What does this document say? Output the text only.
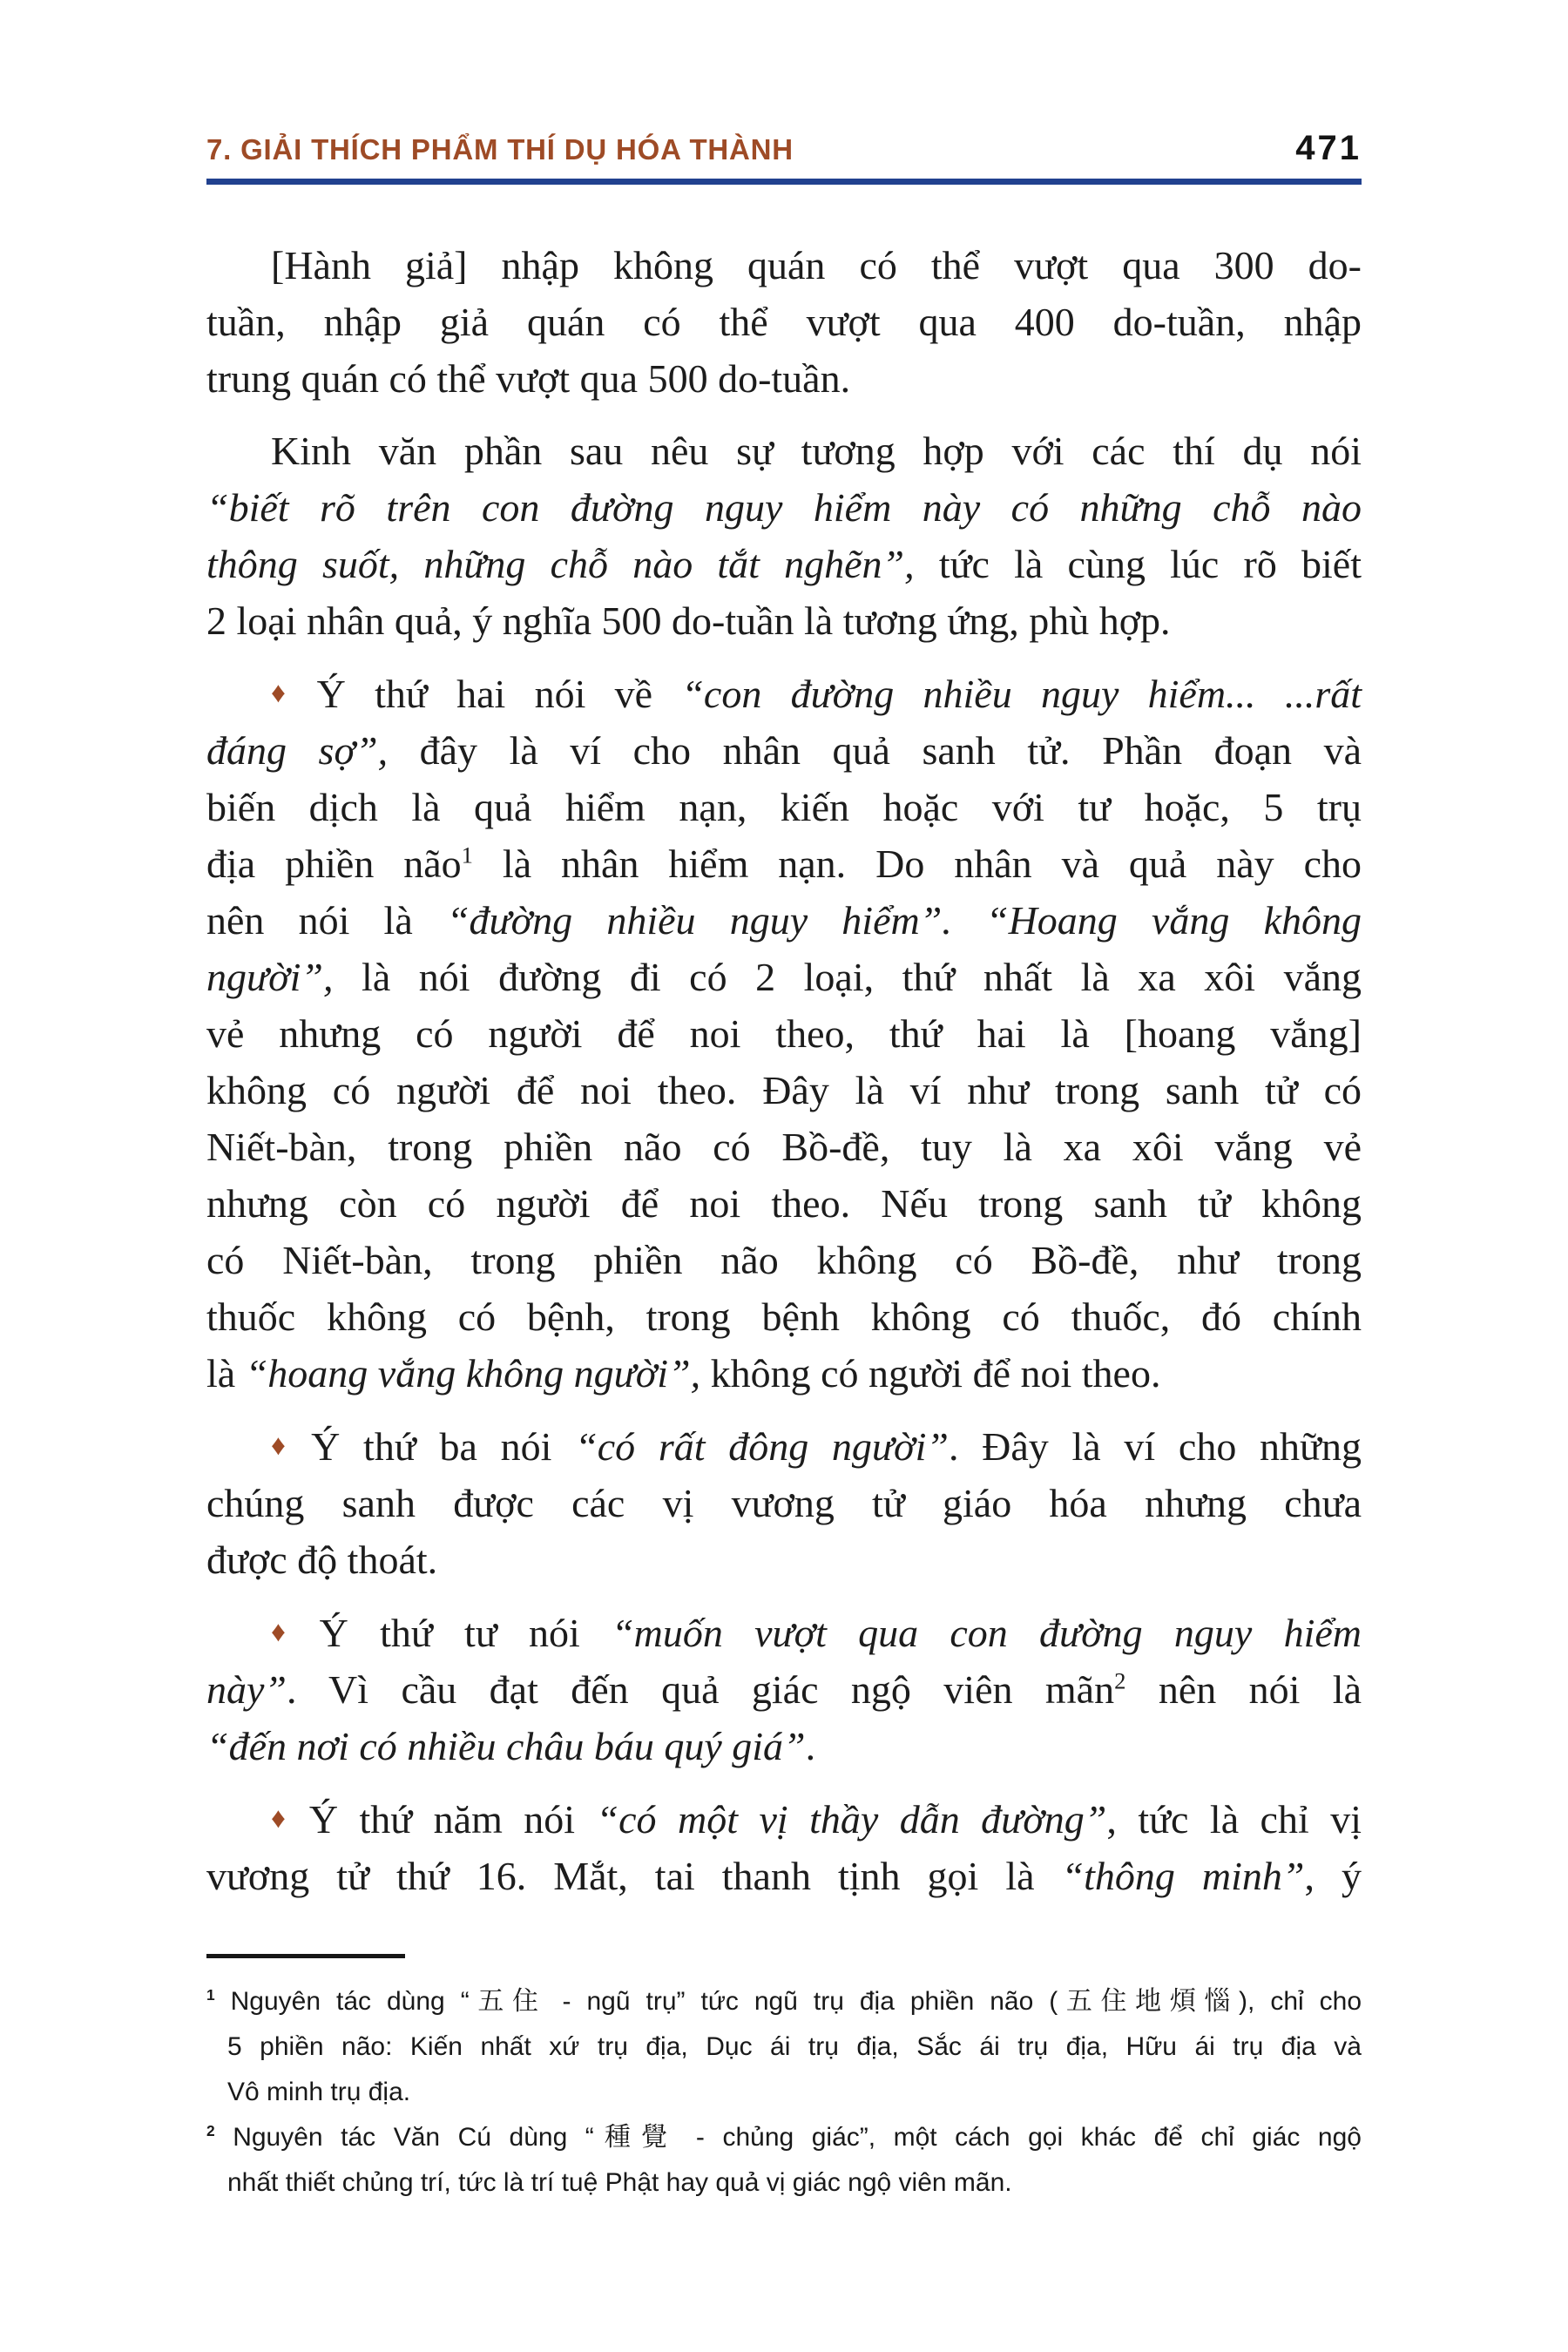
7. GIẢI THÍCH PHẨM THÍ DỤ HÓA THÀNH	471
[Hành giả] nhập không quán có thể vượt qua 300 do-
tuần, nhập giả quán có thể vượt qua 400 do-tuần, nhập
trung quán có thể vượt qua 500 do-tuần.
Kinh văn phần sau nêu sự tương hợp với các thí dụ nói
“biết rõ trên con đường nguy hiểm này có những chỗ nào
thông suốt, những chỗ nào tắt nghẽn”, tức là cùng lúc rõ biết
2 loại nhân quả, ý nghĩa 500 do-tuần là tương ứng, phù hợp.
♦ Ý thứ hai nói về “con đường nhiều nguy hiểm... ...rất
đáng sợ”, đây là ví cho nhân quả sanh tử. Phần đoạn và
biến dịch là quả hiểm nạn, kiến hoặc với tư hoặc, 5 trụ
địa phiền não$^1$ là nhân hiểm nạn. Do nhân và quả này cho
nên nói là “đường nhiều nguy hiểm”. “Hoang vắng không
người”, là nói đường đi có 2 loại, thứ nhất là xa xôi vắng
vẻ nhưng có người để noi theo, thứ hai là [hoang vắng]
không có người để noi theo. Đây là ví như trong sanh tử có
Niết-bàn, trong phiền não có Bồ-đề, tuy là xa xôi vắng vẻ
nhưng còn có người để noi theo. Nếu trong sanh tử không
có Niết-bàn, trong phiền não không có Bồ-đề, như trong
thuốc không có bệnh, trong bệnh không có thuốc, đó chính
là “hoang vắng không người”, không có người để noi theo.
♦ Ý thứ ba nói “có rất đông người”. Đây là ví cho những
chúng sanh được các vị vương tử giáo hóa nhưng chưa
được độ thoát.
♦ Ý thứ tư nói “muốn vượt qua con đường nguy hiểm
này”. Vì cầu đạt đến quả giác ngộ viên mãn$^2$ nên nói là
“đến nơi có nhiều châu báu quý giá”.
♦ Ý thứ năm nói “có một vị thầy dẫn đường”, tức là chỉ vị
vương tử thứ 16. Mắt, tai thanh tịnh gọi là “thông minh”, ý
$^1$ Nguyên tác dùng “五住 - ngũ trụ” tức ngũ trụ địa phiền não (五住地煩惱), chỉ cho
5 phiền não: Kiến nhất xứ trụ địa, Dục ái trụ địa, Sắc ái trụ địa, Hữu ái trụ địa và
Vô minh trụ địa.
$^2$ Nguyên tác Văn Cú dùng “種覺 - chủng giác”, một cách gọi khác để chỉ giác ngộ
nhất thiết chủng trí, tức là trí tuệ Phật hay quả vị giác ngộ viên mãn.
